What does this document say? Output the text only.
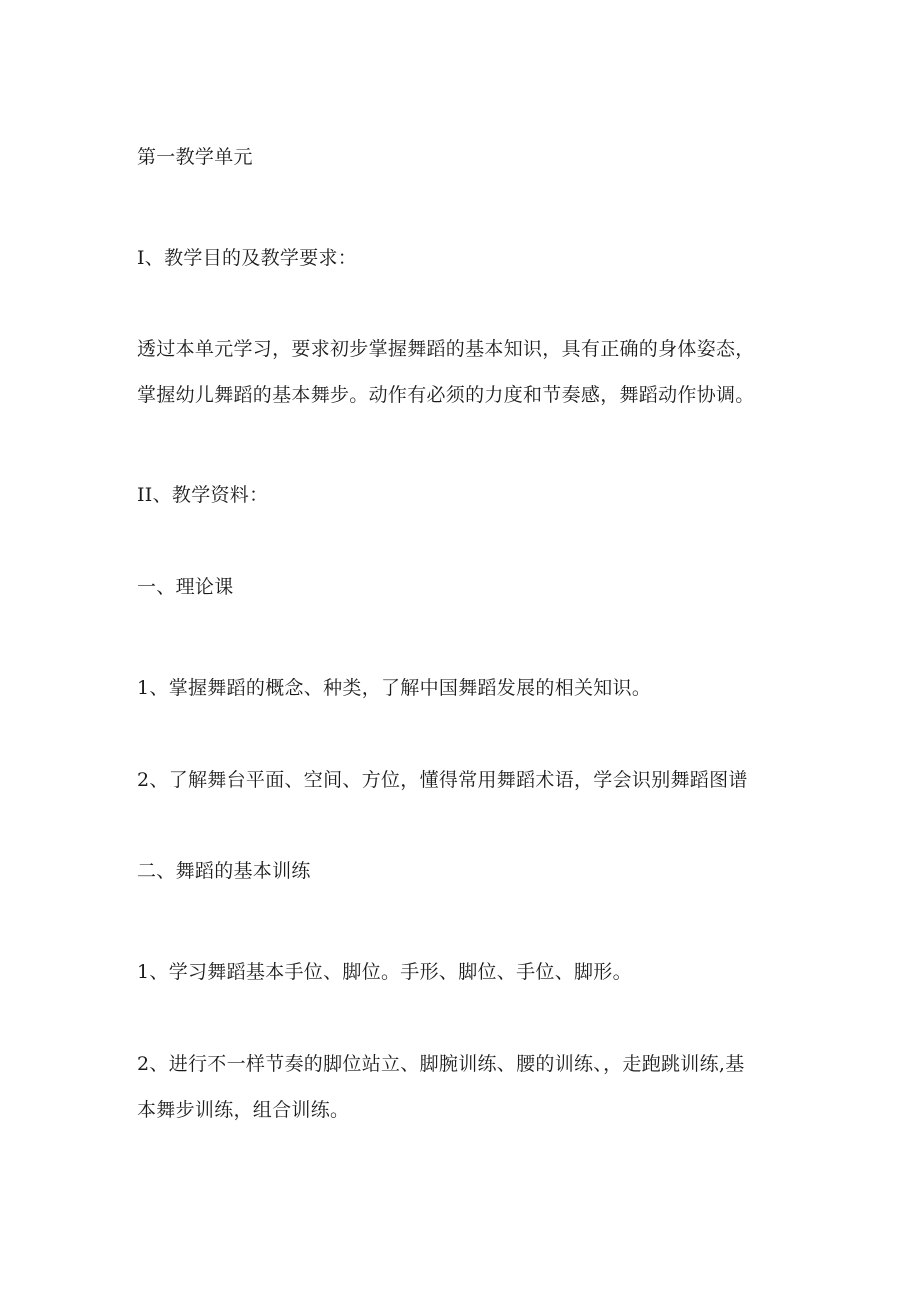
第一教学单元
I、教学目的及教学要求：
透过本单元学习，要求初步掌握舞蹈的基本知识，具有正确的身体姿态，
掌握幼儿舞蹈的基本舞步。动作有必须的力度和节奏感，舞蹈动作协调。
II、教学资料：
一、理论课
1、掌握舞蹈的概念、种类，了解中国舞蹈发展的相关知识。
2、了解舞台平面、空间、方位，懂得常用舞蹈术语，学会识别舞蹈图谱
二、舞蹈的基本训练
1、学习舞蹈基本手位、脚位。手形、脚位、手位、脚形。
2、进行不一样节奏的脚位站立、脚腕训练、腰的训练、，走跑跳训练,基
本舞步训练，组合训练。
